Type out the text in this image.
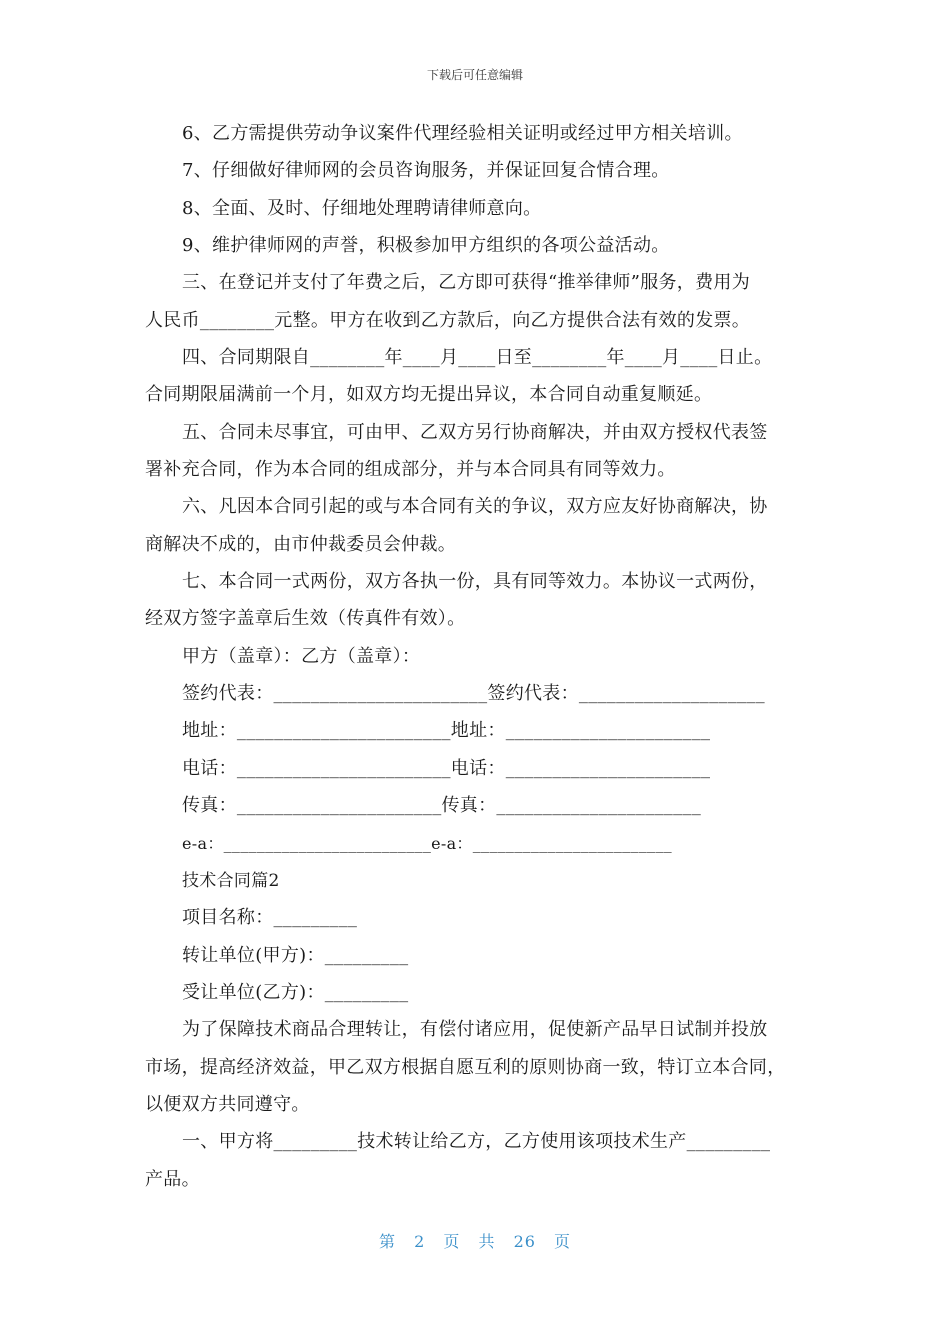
下载后可任意编辑
6、乙方需提供劳动争议案件代理经验相关证明或经过甲方相关培训。
7、仔细做好律师网的会员咨询服务，并保证回复合情合理。
8、全面、及时、仔细地处理聘请律师意向。
9、维护律师网的声誉，积极参加甲方组织的各项公益活动。
三、在登记并支付了年费之后，乙方即可获得“推举律师”服务，费用为
人民币________元整。甲方在收到乙方款后，向乙方提供合法有效的发票。
四、合同期限自________年____月____日至________年____月____日止。
合同期限届满前一个月，如双方均无提出异议，本合同自动重复顺延。
五、合同未尽事宜，可由甲、乙双方另行协商解决，并由双方授权代表签
署补充合同，作为本合同的组成部分，并与本合同具有同等效力。
六、凡因本合同引起的或与本合同有关的争议，双方应友好协商解决，协
商解决不成的，由市仲裁委员会仲裁。
七、本合同一式两份，双方各执一份，具有同等效力。本协议一式两份，
经双方签字盖章后生效（传真件有效）。
甲方（盖章）：乙方（盖章）：
签约代表：_______________________签约代表：____________________
地址：_______________________地址：______________________
电话：_______________________电话：______________________
传真：______________________传真：______________________
e-a：_________________________e-a：________________________
技术合同篇2
项目名称：_________
转让单位(甲方)：_________
受让单位(乙方)：_________
为了保障技术商品合理转让，有偿付诸应用，促使新产品早日试制并投放
市场，提高经济效益，甲乙双方根据自愿互利的原则协商一致，特订立本合同，
以便双方共同遵守。
一、甲方将_________技术转让给乙方，乙方使用该项技术生产_________
产品。
第 2 页 共 26 页
